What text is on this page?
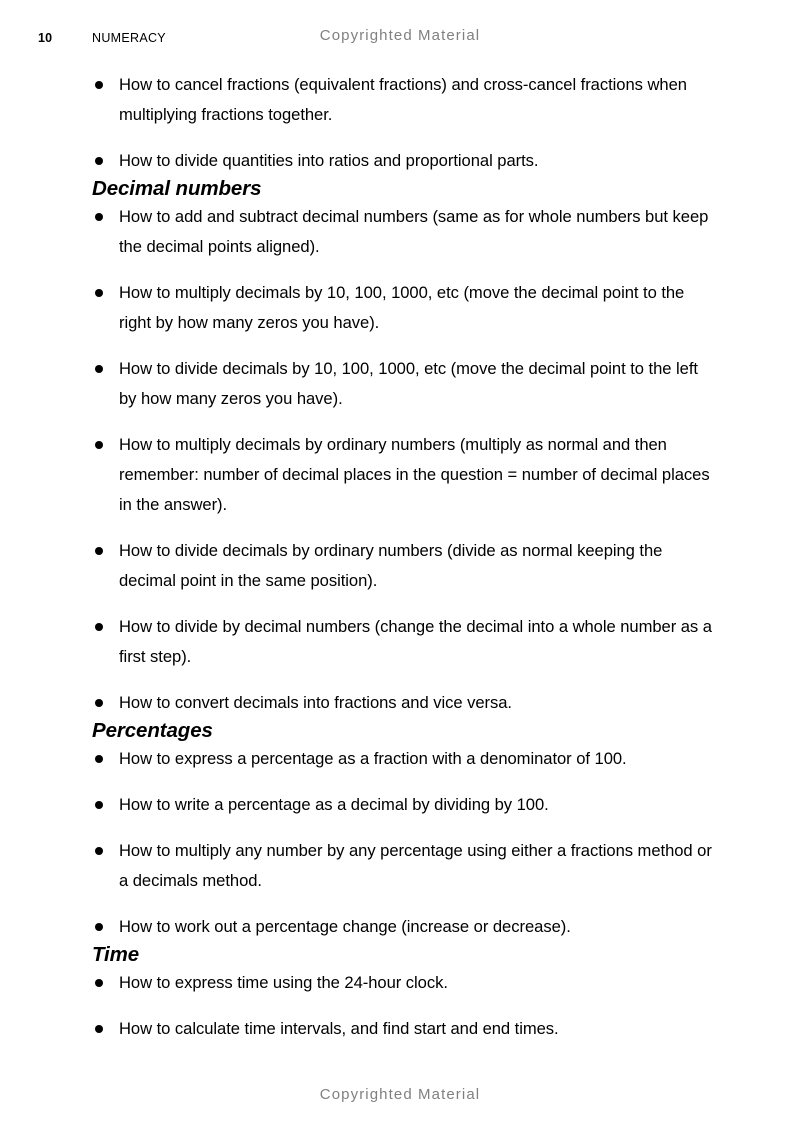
10	NUMERACY	Copyrighted Material
How to cancel fractions (equivalent fractions) and cross-cancel fractions when multiplying fractions together.
How to divide quantities into ratios and proportional parts.
Decimal numbers
How to add and subtract decimal numbers (same as for whole numbers but keep the decimal points aligned).
How to multiply decimals by 10, 100, 1000, etc (move the decimal point to the right by how many zeros you have).
How to divide decimals by 10, 100, 1000, etc (move the decimal point to the left by how many zeros you have).
How to multiply decimals by ordinary numbers (multiply as normal and then remember: number of decimal places in the question = number of decimal places in the answer).
How to divide decimals by ordinary numbers (divide as normal keeping the decimal point in the same position).
How to divide by decimal numbers (change the decimal into a whole number as a first step).
How to convert decimals into fractions and vice versa.
Percentages
How to express a percentage as a fraction with a denominator of 100.
How to write a percentage as a decimal by dividing by 100.
How to multiply any number by any percentage using either a fractions method or a decimals method.
How to work out a percentage change (increase or decrease).
Time
How to express time using the 24-hour clock.
How to calculate time intervals, and find start and end times.
Copyrighted Material
